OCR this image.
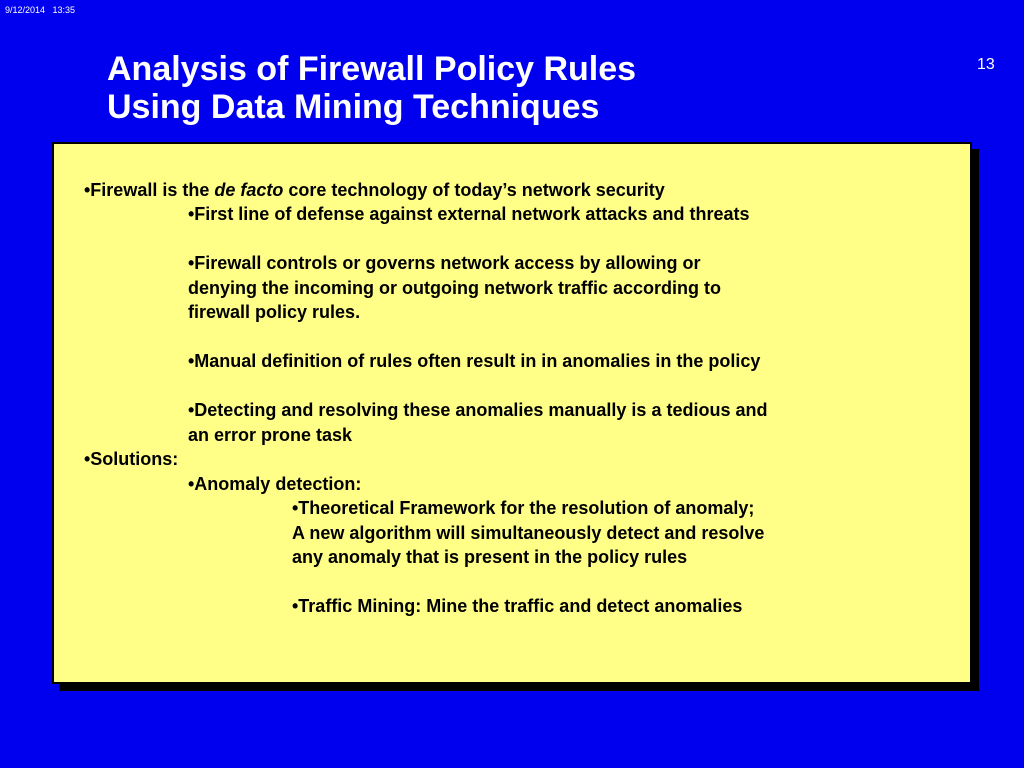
9/12/2014   13:35
13
Analysis of Firewall Policy Rules
Using Data Mining Techniques
•Firewall is the de facto core technology of today’s network security
•First line of defense against external network attacks and threats
•Firewall controls or governs network access by allowing or
denying the incoming or outgoing network traffic according to
firewall policy rules.
•Manual definition of rules often result in in anomalies in the policy
•Detecting and resolving these anomalies manually is a tedious and
an error prone task
•Solutions:
•Anomaly detection:
•Theoretical Framework for the resolution of anomaly;
A new algorithm will simultaneously detect and resolve
any anomaly that is present in the policy rules
•Traffic Mining: Mine the traffic and detect anomalies
